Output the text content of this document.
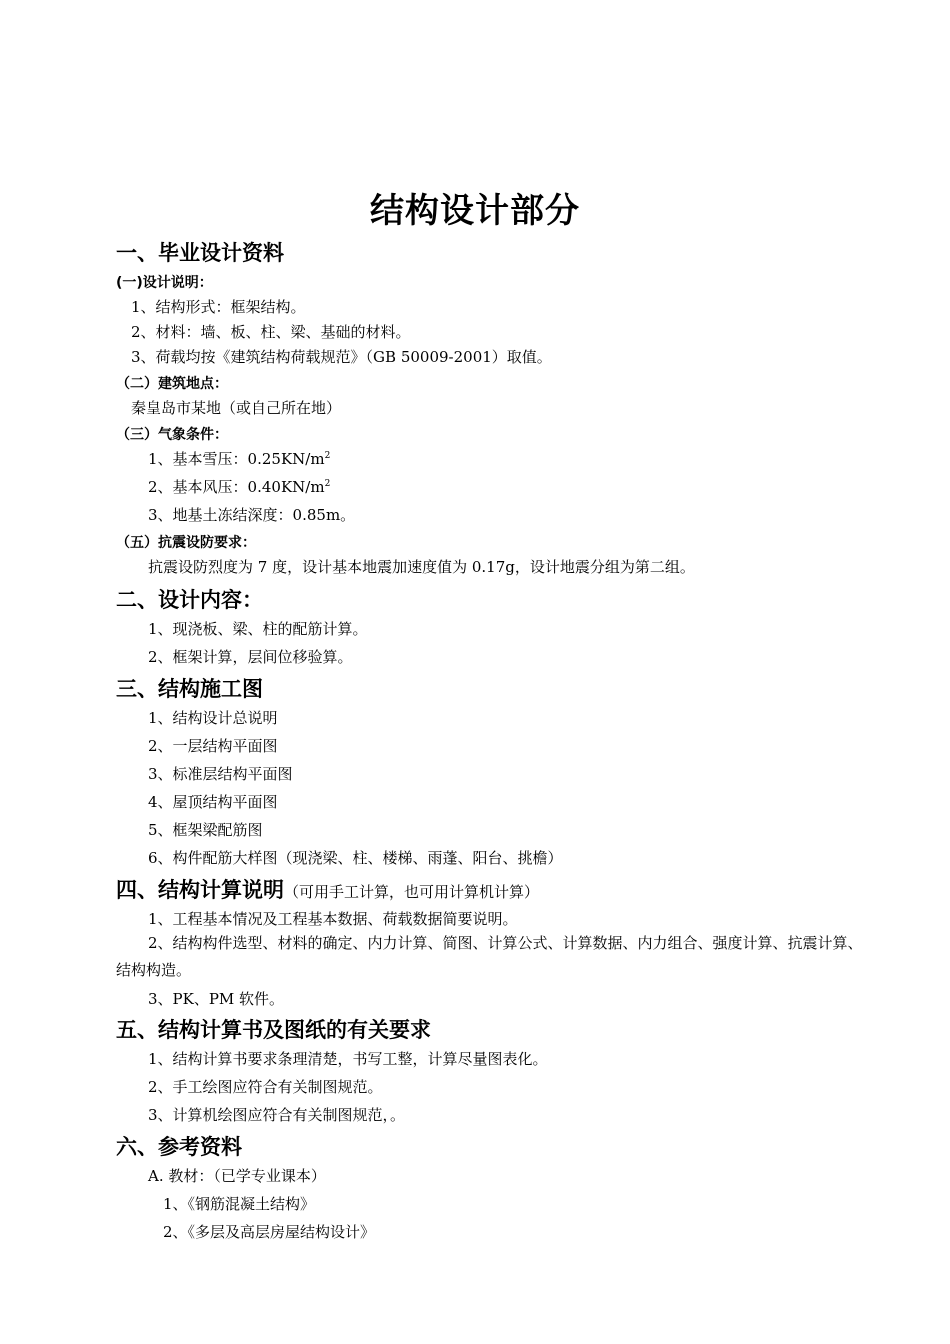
结构设计部分
一、毕业设计资料

(一)设计说明：

1、结构形式：框架结构。

2、材料：墙、板、柱、梁、基础的材料。

3、荷载均按《建筑结构荷载规范》（GB 50009-2001）取值。

（二）建筑地点：

秦皇岛市某地（或自己所在地）

（三）气象条件：

1、基本雪压：$0.25KN/m^2$

2、基本风压：$0.40KN/m^2$

3、地基土冻结深度：0.85m。

（五）抗震设防要求：

抗震设防烈度为 7 度，设计基本地震加速度值为 0.17g，设计地震分组为第二组。

二、设计内容：

1、现浇板、梁、柱的配筋计算。

2、框架计算，层间位移验算。

三、结构施工图

1、结构设计总说明

2、一层结构平面图

3、标准层结构平面图

4、屋顶结构平面图

5、框架梁配筋图

6、构件配筋大样图（现浇梁、柱、楼梯、雨蓬、阳台、挑檐）

四、结构计算说明（可用手工计算，也可用计算机计算）

1、工程基本情况及工程基本数据、荷载数据简要说明。

2、结构构件选型、材料的确定、内力计算、简图、计算公式、计算数据、内力组合、强度计算、抗震计算、结构构造。

3、PK、PM 软件。

五、结构计算书及图纸的有关要求

1、结构计算书要求条理清楚，书写工整，计算尽量图表化。

2、手工绘图应符合有关制图规范。

3、计算机绘图应符合有关制图规范，。

六、参考资料

A. 教材：（已学专业课本）

1、《钢筋混凝土结构》

2、《多层及高层房屋结构设计》
